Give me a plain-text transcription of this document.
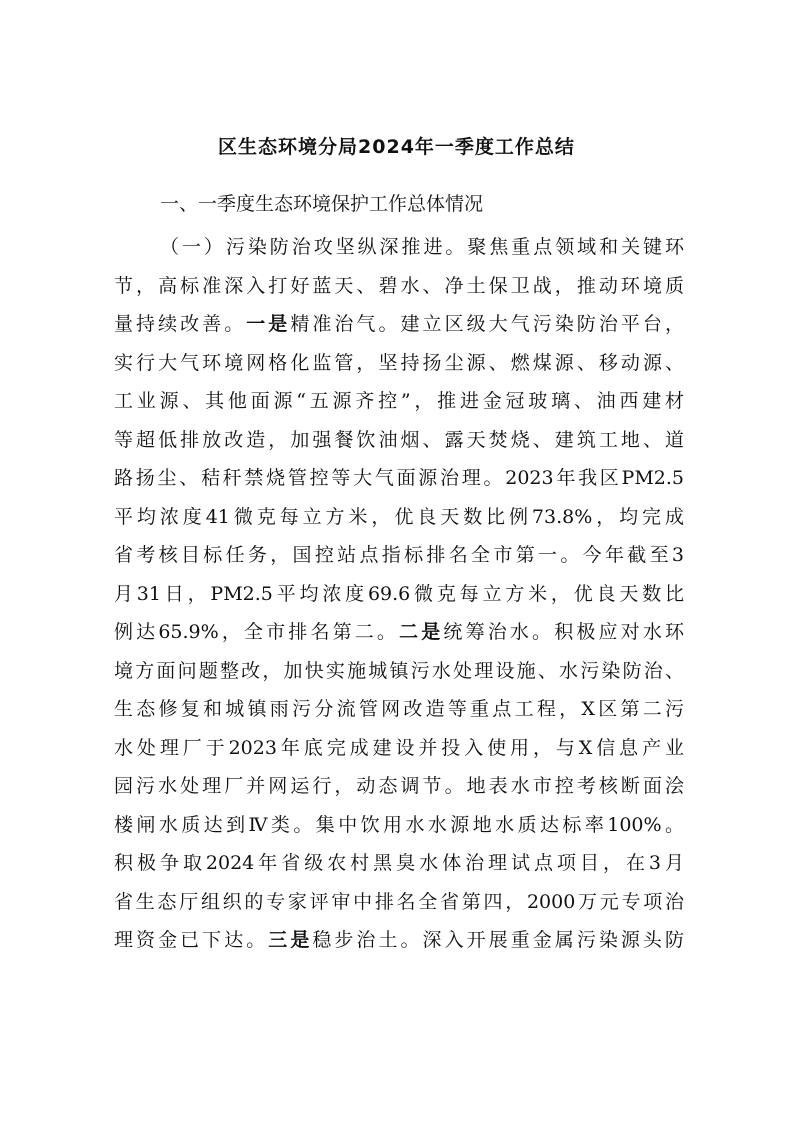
区生态环境分局2024年一季度工作总结
一、一季度生态环境保护工作总体情况
（一）污染防治攻坚纵深推进。聚焦重点领域和关键环
节，高标准深入打好蓝天、碧水、净土保卫战，推动环境质
量持续改善。一是精准治气。建立区级大气污染防治平台，
实行大气环境网格化监管，坚持扬尘源、燃煤源、移动源、
工业源、其他面源“五源齐控”，推进金冠玻璃、油西建材
等超低排放改造，加强餐饮油烟、露天焚烧、建筑工地、道
路扬尘、秸秆禁烧管控等大气面源治理。2023年我区PM2.5
平均浓度41微克每立方米，优良天数比例73.8%，均完成
省考核目标任务，国控站点指标排名全市第一。今年截至3
月31日，PM2.5平均浓度69.6微克每立方米，优良天数比
例达65.9%，全市排名第二。二是统筹治水。积极应对水环
境方面问题整改，加快实施城镇污水处理设施、水污染防治、
生态修复和城镇雨污分流管网改造等重点工程，X区第二污
水处理厂于2023年底完成建设并投入使用，与X信息产业
园污水处理厂并网运行，动态调节。地表水市控考核断面浍
楼闸水质达到Ⅳ类。集中饮用水水源地水质达标率100%。
积极争取2024年省级农村黑臭水体治理试点项目，在3月
省生态厅组织的专家评审中排名全省第四，2000万元专项治
理资金已下达。三是稳步治土。深入开展重金属污染源头防
